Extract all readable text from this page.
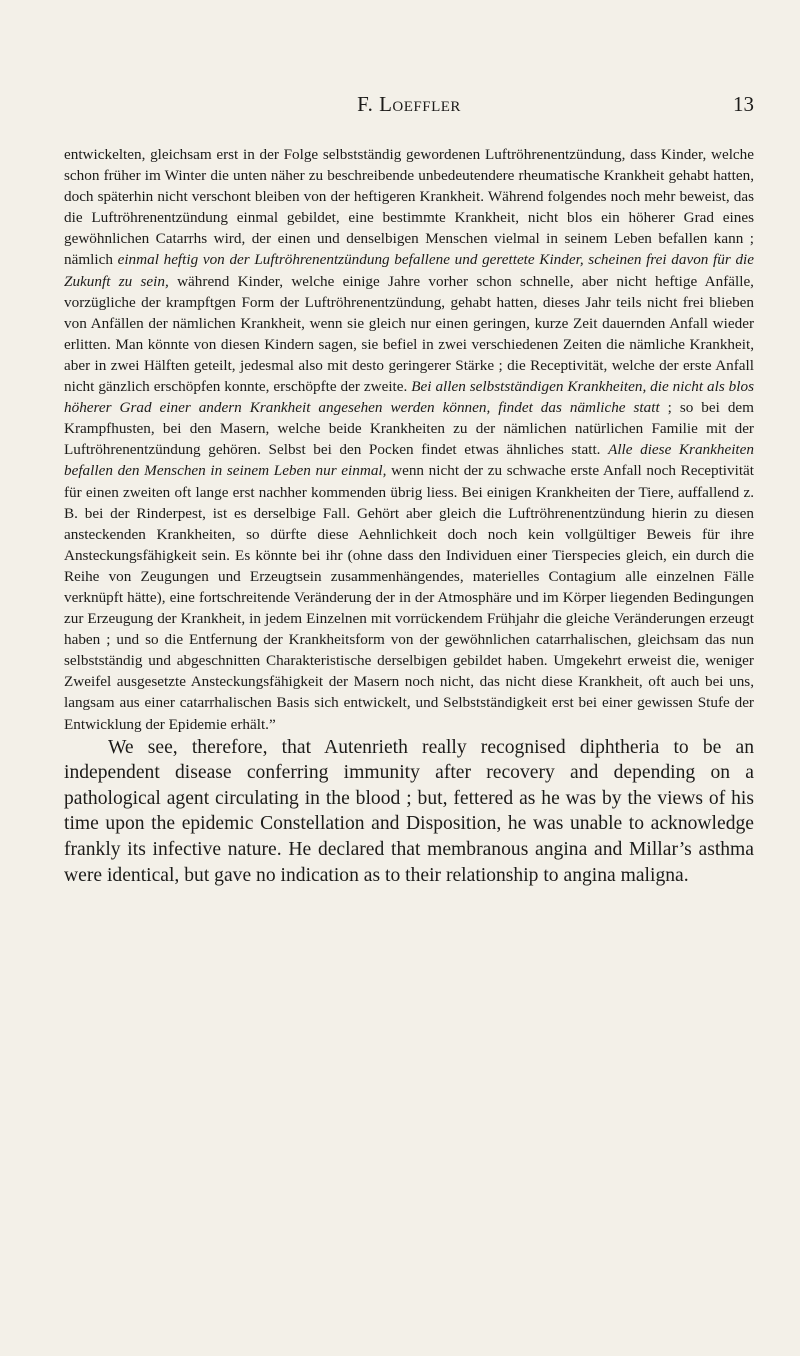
F. Loeffler	13

entwickelten, gleichsam erst in der Folge selbstständig gewordenen Luftröhrenentzündung, dass Kinder, welche schon früher im Winter die unten näher zu beschreibende unbedeutendere rheumatische Krankheit gehabt hatten, doch späterhin nicht verschont bleiben von der heftigeren Krankheit. Während folgendes noch mehr beweist, das die Luftröhrenentzündung einmal gebildet, eine bestimmte Krankheit, nicht blos ein höherer Grad eines gewöhnlichen Catarrhs wird, der einen und denselbigen Menschen vielmal in seinem Leben befallen kann ; nämlich einmal heftig von der Luftröhrenentzündung befallene und gerettete Kinder, scheinen frei davon für die Zukunft zu sein, während Kinder, welche einige Jahre vorher schon schnelle, aber nicht heftige Anfälle, vorzügliche der krampftgen Form der Luftröhrenentzündung, gehabt hatten, dieses Jahr teils nicht frei blieben von Anfällen der nämlichen Krankheit, wenn sie gleich nur einen geringen, kurze Zeit dauernden Anfall wieder erlitten. Man könnte von diesen Kindern sagen, sie befiel in zwei verschiedenen Zeiten die nämliche Krankheit, aber in zwei Hälften geteilt, jedesmal also mit desto geringerer Stärke ; die Receptivität, welche der erste Anfall nicht gänzlich erschöpfen konnte, erschöpfte der zweite. Bei allen selbstständigen Krankheiten, die nicht als blos höherer Grad einer andern Krankheit angesehen werden können, findet das nämliche statt ; so bei dem Krampfhusten, bei den Masern, welche beide Krankheiten zu der nämlichen natürlichen Familie mit der Luftröhrenentzündung gehören. Selbst bei den Pocken findet etwas ähnliches statt. Alle diese Krankheiten befallen den Menschen in seinem Leben nur einmal, wenn nicht der zu schwache erste Anfall noch Receptivität für einen zweiten oft lange erst nachher kommenden übrig liess. Bei einigen Krankheiten der Tiere, auffallend z. B. bei der Rinderpest, ist es derselbige Fall. Gehört aber gleich die Luftröhrenentzündung hierin zu diesen ansteckenden Krankheiten, so dürfte diese Aehnlichkeit doch noch kein vollgültiger Beweis für ihre Ansteckungsfähigkeit sein. Es könnte bei ihr (ohne dass den Individuen einer Tierspecies gleich, ein durch die Reihe von Zeugungen und Erzeugtsein zusammenhängendes, materielles Contagium alle einzelnen Fälle verknüpft hätte), eine fortschreitende Veränderung der in der Atmosphäre und im Körper liegenden Bedingungen zur Erzeugung der Krankheit, in jedem Einzelnen mit vorrückendem Frühjahr die gleiche Veränderungen erzeugt haben ; und so die Entfernung der Krankheitsform von der gewöhnlichen catarrhalischen, gleichsam das nun selbstständig und abgeschnitten Charakteristische derselbigen gebildet haben. Umgekehrt erweist die, weniger Zweifel ausgesetzte Ansteckungsfähigkeit der Masern noch nicht, das nicht diese Krankheit, oft auch bei uns, langsam aus einer catarrhalischen Basis sich entwickelt, und Selbstständigkeit erst bei einer gewissen Stufe der Entwicklung der Epidemie erhält.”

We see, therefore, that Autenrieth really recognised diphtheria to be an independent disease conferring immunity after recovery and depending on a pathological agent circulating in the blood ; but, fettered as he was by the views of his time upon the epidemic Constellation and Disposition, he was unable to acknowledge frankly its infective nature. He declared that membranous angina and Millar’s asthma were identical, but gave no indication as to their relationship to angina maligna.
